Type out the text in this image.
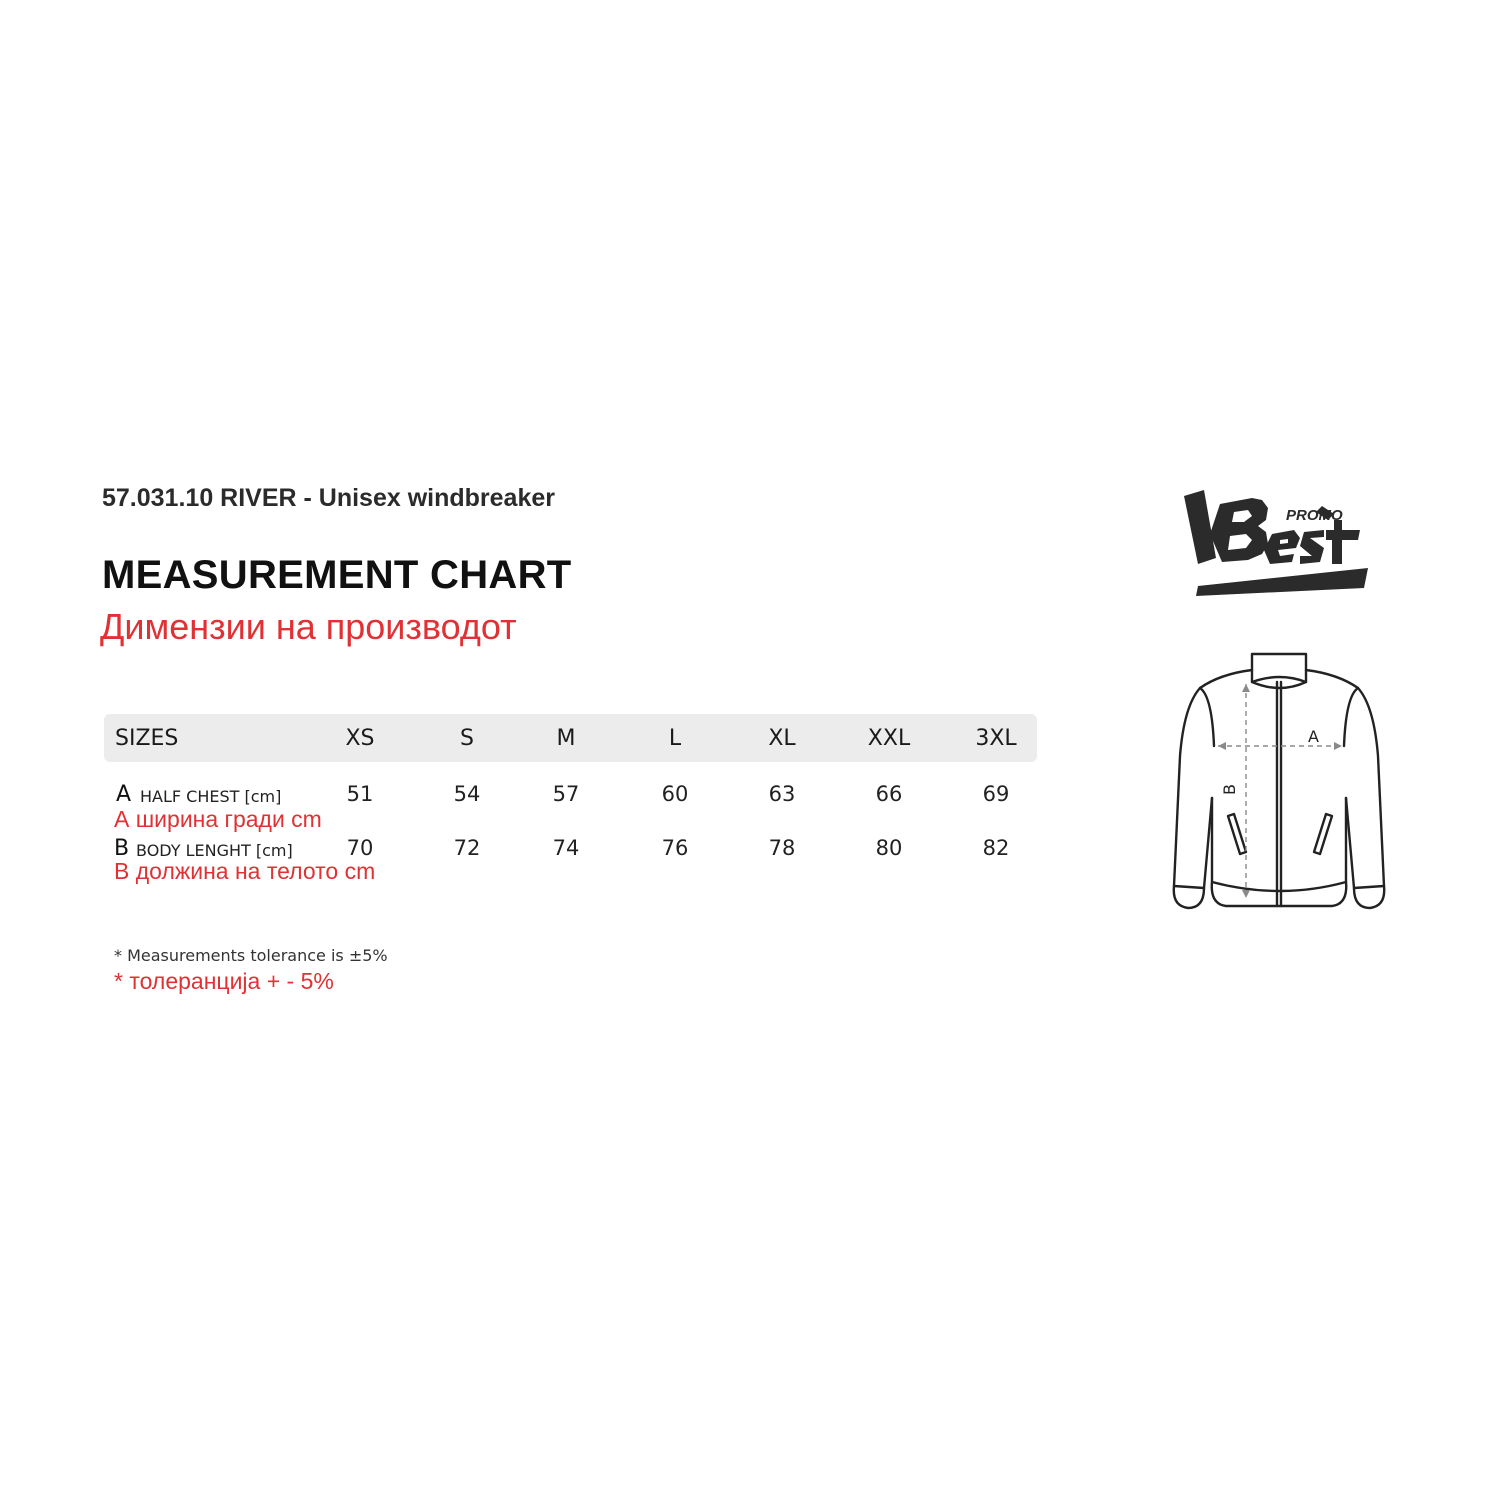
57.031.10 RIVER - Unisex windbreaker
MEASUREMENT CHART
Димензии на производот
SIZES	XS	S	M	L	XL	XXL	3XL
A HALF CHEST [cm]
А ширина гради cm
51	54	57	60	63	66	69
B BODY LENGHT [cm]
В должина на телото cm
70	72	74	76	78	80	82
* Measurements tolerance is ±5%
* толеранција + - 5%
PROMO
A
B
